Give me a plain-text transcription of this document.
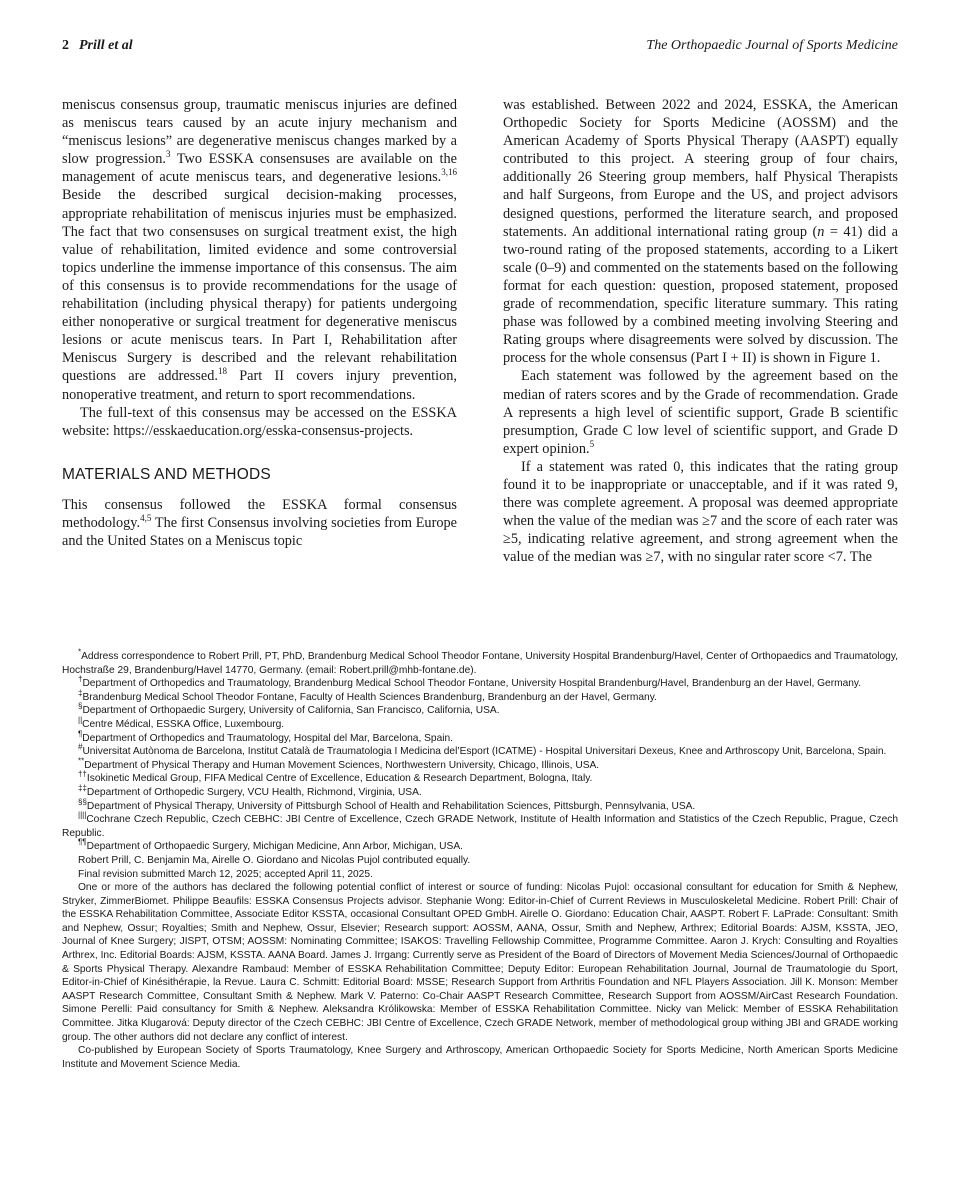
2 Prill et al	The Orthopaedic Journal of Sports Medicine

meniscus consensus group, traumatic meniscus injuries are defined as meniscus tears caused by an acute injury mechanism and “meniscus lesions” are degenerative meniscus changes marked by a slow progression.$^3$ Two ESSKA consensuses are available on the management of acute meniscus tears, and degenerative lesions.$^{3,16}$ Beside the described surgical decision-making processes, appropriate rehabilitation of meniscus injuries must be emphasized. The fact that two consensuses on surgical treatment exist, the high value of rehabilitation, limited evidence and some controversial topics underline the immense importance of this consensus. The aim of this consensus is to provide recommendations for the usage of rehabilitation (including physical therapy) for patients undergoing either nonoperative or surgical treatment for degenerative meniscus lesions or acute meniscus tears. In Part I, Rehabilitation after Meniscus Surgery is described and the relevant rehabilitation questions are addressed.$^{18}$ Part II covers injury prevention, nonoperative treatment, and return to sport recommendations.

The full-text of this consensus may be accessed on the ESSKA website: https://esskaeducation.org/esska-consensus-projects.

MATERIALS AND METHODS

This consensus followed the ESSKA formal consensus methodology.$^{4,5}$ The first Consensus involving societies from Europe and the United States on a Meniscus topic

was established. Between 2022 and 2024, ESSKA, the American Orthopedic Society for Sports Medicine (AOSSM) and the American Academy of Sports Physical Therapy (AASPT) equally contributed to this project. A steering group of four chairs, additionally 26 Steering group members, half Physical Therapists and half Surgeons, from Europe and the US, and project advisors designed questions, performed the literature search, and proposed statements. An additional international rating group (n = 41) did a two-round rating of the proposed statements, according to a Likert scale (0–9) and commented on the statements based on the following format for each question: question, proposed statement, proposed grade of recommendation, specific literature summary. This rating phase was followed by a combined meeting involving Steering and Rating groups where disagreements were solved by discussion. The process for the whole consensus (Part I + II) is shown in Figure 1.

Each statement was followed by the agreement based on the median of raters scores and by the Grade of recommendation. Grade A represents a high level of scientific support, Grade B scientific presumption, Grade C low level of scientific support, and Grade D expert opinion.$^5$

If a statement was rated 0, this indicates that the rating group found it to be inappropriate or unacceptable, and if it was rated 9, there was complete agreement. A proposal was deemed appropriate when the value of the median was ≥7 and the score of each rater was ≥5, indicating relative agreement, and strong agreement when the value of the median was ≥7, with no singular rater score <7. The

*Address correspondence to Robert Prill, PT, PhD, Brandenburg Medical School Theodor Fontane, University Hospital Brandenburg/Havel, Center of Orthopaedics and Traumatology, Hochstraße 29, Brandenburg/Havel 14770, Germany. (email: Robert.prill@mhb-fontane.de).

†Department of Orthopedics and Traumatology, Brandenburg Medical School Theodor Fontane, University Hospital Brandenburg/Havel, Brandenburg an der Havel, Germany.

‡Brandenburg Medical School Theodor Fontane, Faculty of Health Sciences Brandenburg, Brandenburg an der Havel, Germany.

§Department of Orthopaedic Surgery, University of California, San Francisco, California, USA.

||Centre Médical, ESSKA Office, Luxembourg.

¶Department of Orthopedics and Traumatology, Hospital del Mar, Barcelona, Spain.

#Universitat Autònoma de Barcelona, Institut Català de Traumatologia I Medicina del’Esport (ICATME) - Hospital Universitari Dexeus, Knee and Arthroscopy Unit, Barcelona, Spain.

**Department of Physical Therapy and Human Movement Sciences, Northwestern University, Chicago, Illinois, USA.

††Isokinetic Medical Group, FIFA Medical Centre of Excellence, Education & Research Department, Bologna, Italy.

‡‡Department of Orthopedic Surgery, VCU Health, Richmond, Virginia, USA.

§§Department of Physical Therapy, University of Pittsburgh School of Health and Rehabilitation Sciences, Pittsburgh, Pennsylvania, USA.

||||Cochrane Czech Republic, Czech CEBHC: JBI Centre of Excellence, Czech GRADE Network, Institute of Health Information and Statistics of the Czech Republic, Prague, Czech Republic.

¶¶Department of Orthopaedic Surgery, Michigan Medicine, Ann Arbor, Michigan, USA.

Robert Prill, C. Benjamin Ma, Airelle O. Giordano and Nicolas Pujol contributed equally.

Final revision submitted March 12, 2025; accepted April 11, 2025.

One or more of the authors has declared the following potential conflict of interest or source of funding: Nicolas Pujol: occasional consultant for education for Smith & Nephew, Stryker, ZimmerBiomet. Philippe Beaufils: ESSKA Consensus Projects advisor. Stephanie Wong: Editor-in-Chief of Current Reviews in Musculoskeletal Medicine. Robert Prill: Chair of the ESSKA Rehabilitation Committee, Associate Editor KSSTA, occasional Consultant OPED GmbH. Airelle O. Giordano: Education Chair, AASPT. Robert F. LaPrade: Consultant: Smith and Nephew, Ossur; Royalties; Smith and Nephew, Ossur, Elsevier; Research support: AOSSM, AANA, Ossur, Smith and Nephew, Arthrex; Editorial Boards: AJSM, KSSTA, JEO, Journal of Knee Surgery; JISPT, OTSM; AOSSM: Nominating Committee; ISAKOS: Travelling Fellowship Committee, Programme Committee. Aaron J. Krych: Consulting and Royalties Arthrex, Inc. Editorial Boards: AJSM, KSSTA. AANA Board. James J. Irrgang: Currently serve as President of the Board of Directors of Movement Media Sciences/Journal of Orthopaedic & Sports Physical Therapy. Alexandre Rambaud: Member of ESSKA Rehabilitation Committee; Deputy Editor: European Rehabilitation Journal, Journal de Traumatologie du Sport, Editor-in-Chief of Kinésithérapie, la Revue. Laura C. Schmitt: Editorial Board: MSSE; Research Support from Arthritis Foundation and NFL Players Association. Jill K. Monson: Member AASPT Research Committee, Consultant Smith & Nephew. Mark V. Paterno: Co-Chair AASPT Research Committee, Research Support from AOSSM/AirCast Research Foundation. Simone Perelli: Paid consultancy for Smith & Nephew. Aleksandra Królikowska: Member of ESSKA Rehabilitation Committee. Nicky van Melick: Member of ESSKA Rehabilitation Committee. Jitka Klugarová: Deputy director of the Czech CEBHC: JBI Centre of Excellence, Czech GRADE Network, member of methodological group withing JBI and GRADE working group. The other authors did not declare any conflict of interest.

Co-published by European Society of Sports Traumatology, Knee Surgery and Arthroscopy, American Orthopaedic Society for Sports Medicine, North American Sports Medicine Institute and Movement Science Media.
